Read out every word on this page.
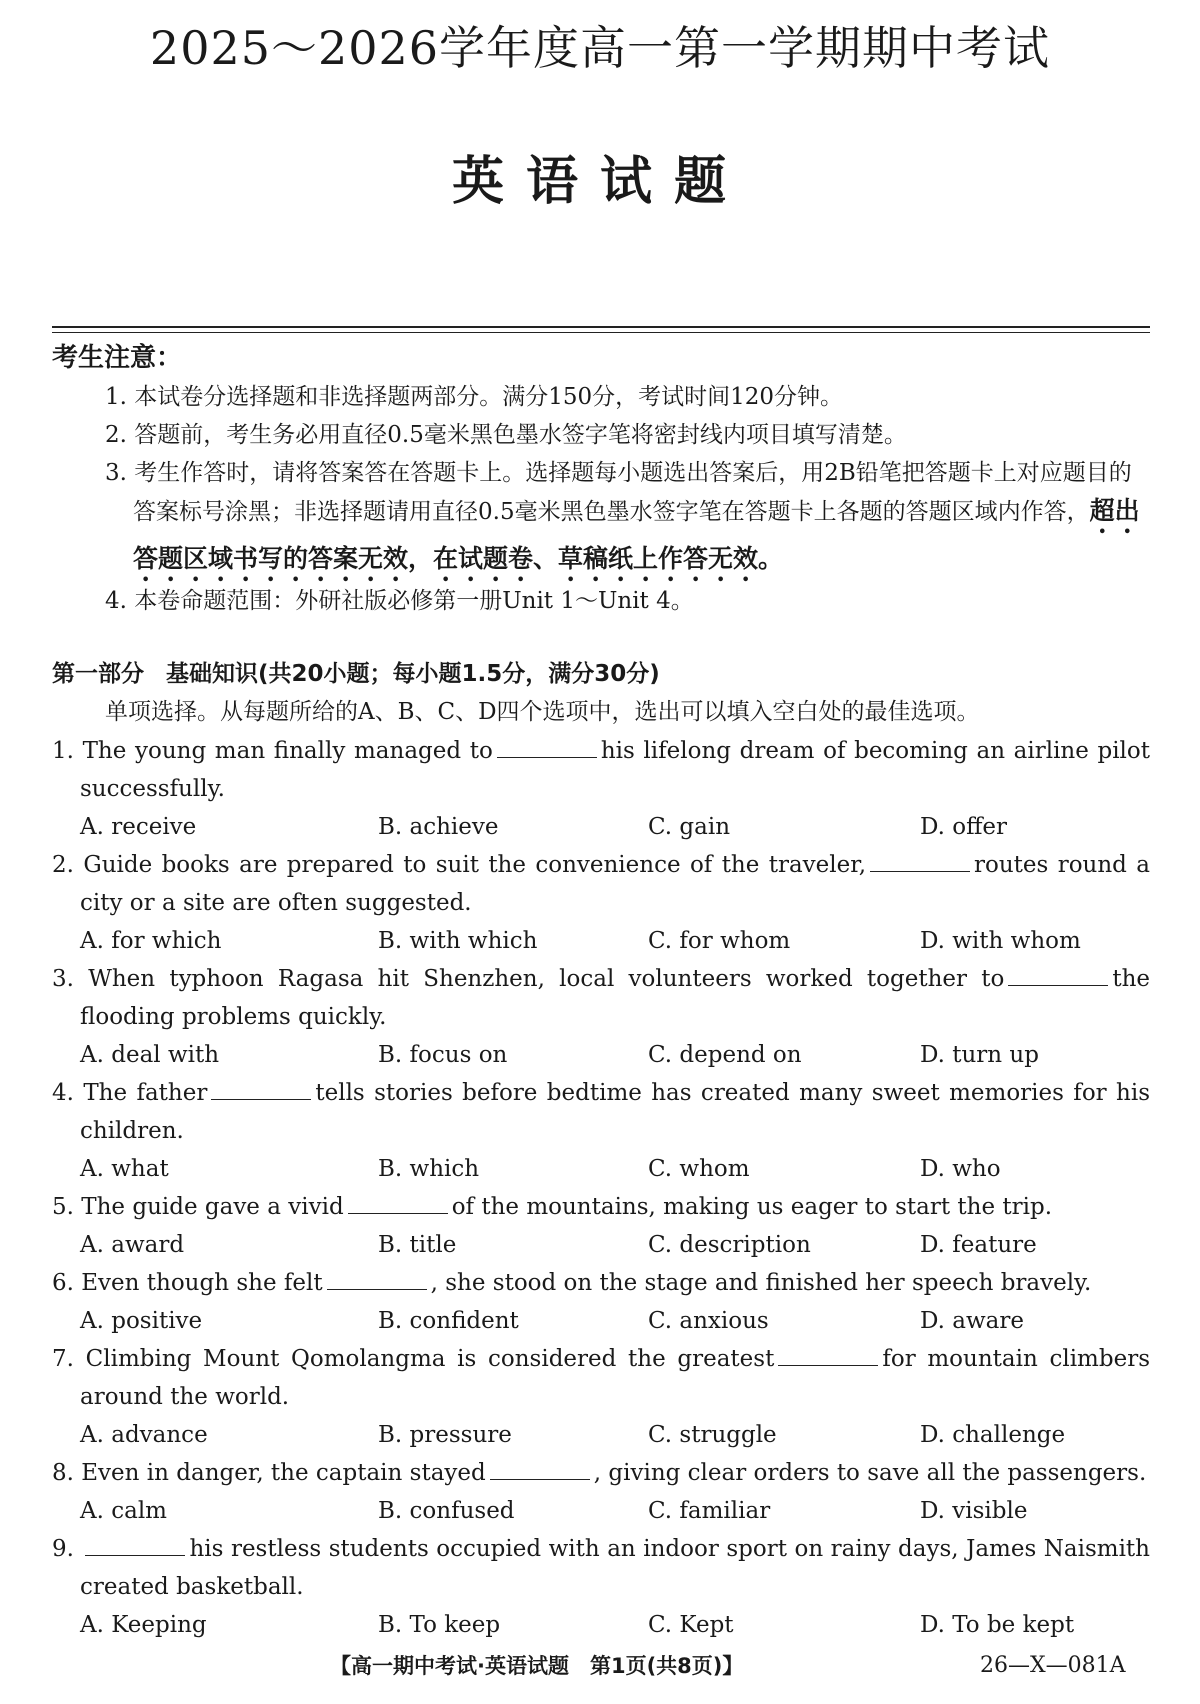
2025～2026学年度高一第一学期期中考试
英语试题
考生注意：
1. 本试卷分选择题和非选择题两部分。满分150分，考试时间120分钟。
2. 答题前，考生务必用直径0.5毫米黑色墨水签字笔将密封线内项目填写清楚。
3. 考生作答时，请将答案答在答题卡上。选择题每小题选出答案后，用2B铅笔把答题卡上对应题目的答案标号涂黑；非选择题请用直径0.5毫米黑色墨水签字笔在答题卡上各题的答题区域内作答，超出答题区域书写的答案无效，在试题卷、草稿纸上作答无效。
4. 本卷命题范围：外研社版必修第一册Unit 1～Unit 4。
第一部分 基础知识(共20小题；每小题1.5分，满分30分)
单项选择。从每题所给的A、B、C、D四个选项中，选出可以填入空白处的最佳选项。
1. The young man finally managed to	his lifelong dream of becoming an airline pilot successfully.
A. receive	B. achieve	C. gain	D. offer
2. Guide books are prepared to suit the convenience of the traveler,	routes round a city or a site are often suggested.
A. for which	B. with which	C. for whom	D. with whom
3. When typhoon Ragasa hit Shenzhen, local volunteers worked together to	the flooding problems quickly.
A. deal with	B. focus on	C. depend on	D. turn up
4. The father	tells stories before bedtime has created many sweet memories for his children.
A. what	B. which	C. whom	D. who
5. The guide gave a vivid	of the mountains, making us eager to start the trip.
A. award	B. title	C. description	D. feature
6. Even though she felt	, she stood on the stage and finished her speech bravely.
A. positive	B. confident	C. anxious	D. aware
7. Climbing Mount Qomolangma is considered the greatest	for mountain climbers around the world.
A. advance	B. pressure	C. struggle	D. challenge
8. Even in danger, the captain stayed	, giving clear orders to save all the passengers.
A. calm	B. confused	C. familiar	D. visible
9.	his restless students occupied with an indoor sport on rainy days, James Naismith created basketball.
A. Keeping	B. To keep	C. Kept	D. To be kept
【高一期中考试·英语试题　第1页(共8页)】	26—X—081A
